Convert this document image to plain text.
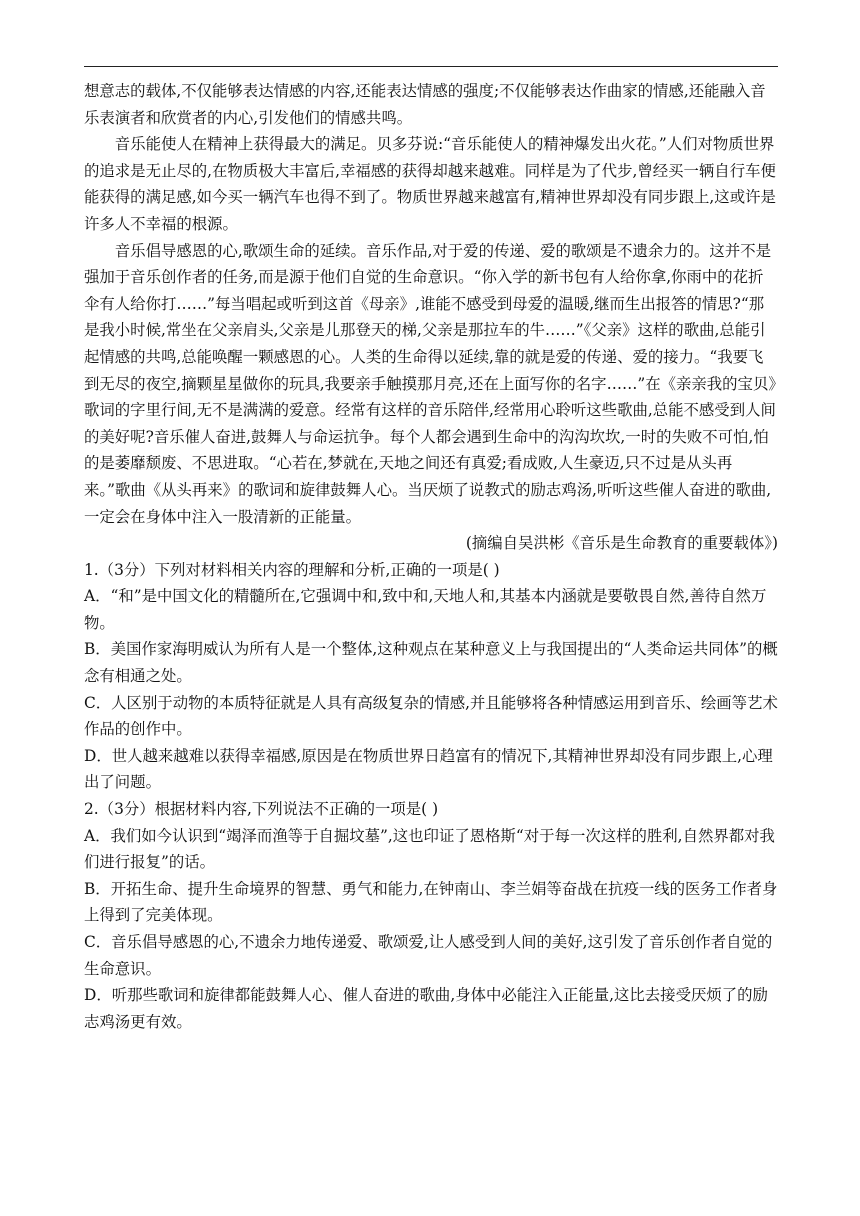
想意志的载体,不仅能够表达情感的内容,还能表达情感的强度;不仅能够表达作曲家的情感,还能融入音乐表演者和欣赏者的内心,引发他们的情感共鸣。

音乐能使人在精神上获得最大的满足。贝多芬说:“音乐能使人的精神爆发出火花。”人们对物质世界的追求是无止尽的,在物质极大丰富后,幸福感的获得却越来越难。同样是为了代步,曾经买一辆自行车便能获得的满足感,如今买一辆汽车也得不到了。物质世界越来越富有,精神世界却没有同步跟上,这或许是许多人不幸福的根源。

音乐倡导感恩的心,歌颂生命的延续。音乐作品,对于爱的传递、爱的歌颂是不遗余力的。这并不是强加于音乐创作者的任务,而是源于他们自觉的生命意识。“你入学的新书包有人给你拿,你雨中的花折伞有人给你打……”每当唱起或听到这首《母亲》,谁能不感受到母爱的温暖,继而生出报答的情思?“那是我小时候,常坐在父亲肩头,父亲是儿那登天的梯,父亲是那拉车的牛……”《父亲》这样的歌曲,总能引起情感的共鸣,总能唤醒一颗感恩的心。人类的生命得以延续,靠的就是爱的传递、爱的接力。“我要飞到无尽的夜空,摘颗星星做你的玩具,我要亲手触摸那月亮,还在上面写你的名字……”在《亲亲我的宝贝》歌词的字里行间,无不是满满的爱意。经常有这样的音乐陪伴,经常用心聆听这些歌曲,总能不感受到人间的美好呢?音乐催人奋进,鼓舞人与命运抗争。每个人都会遇到生命中的沟沟坎坎,一时的失败不可怕,怕的是萎靡颓废、不思进取。“心若在,梦就在,天地之间还有真爱;看成败,人生豪迈,只不过是从头再来。”歌曲《从头再来》的歌词和旋律鼓舞人心。当厌烦了说教式的励志鸡汤,听听这些催人奋进的歌曲,一定会在身体中注入一股清新的正能量。

(摘编自吴洪彬《音乐是生命教育的重要载体》)

1.（3分）下列对材料相关内容的理解和分析,正确的一项是( )

A．“和”是中国文化的精髓所在,它强调中和,致中和,天地人和,其基本内涵就是要敬畏自然,善待自然万物。

B．美国作家海明威认为所有人是一个整体,这种观点在某种意义上与我国提出的“人类命运共同体”的概念有相通之处。

C．人区别于动物的本质特征就是人具有高级复杂的情感,并且能够将各种情感运用到音乐、绘画等艺术作品的创作中。

D．世人越来越难以获得幸福感,原因是在物质世界日趋富有的情况下,其精神世界却没有同步跟上,心理出了问题。

2.（3分）根据材料内容,下列说法不正确的一项是( )

A．我们如今认识到“竭泽而渔等于自掘坟墓”,这也印证了恩格斯“对于每一次这样的胜利,自然界都对我们进行报复”的话。

B．开拓生命、提升生命境界的智慧、勇气和能力,在钟南山、李兰娟等奋战在抗疫一线的医务工作者身上得到了完美体现。

C．音乐倡导感恩的心,不遗余力地传递爱、歌颂爱,让人感受到人间的美好,这引发了音乐创作者自觉的生命意识。

D．听那些歌词和旋律都能鼓舞人心、催人奋进的歌曲,身体中必能注入正能量,这比去接受厌烦了的励志鸡汤更有效。
